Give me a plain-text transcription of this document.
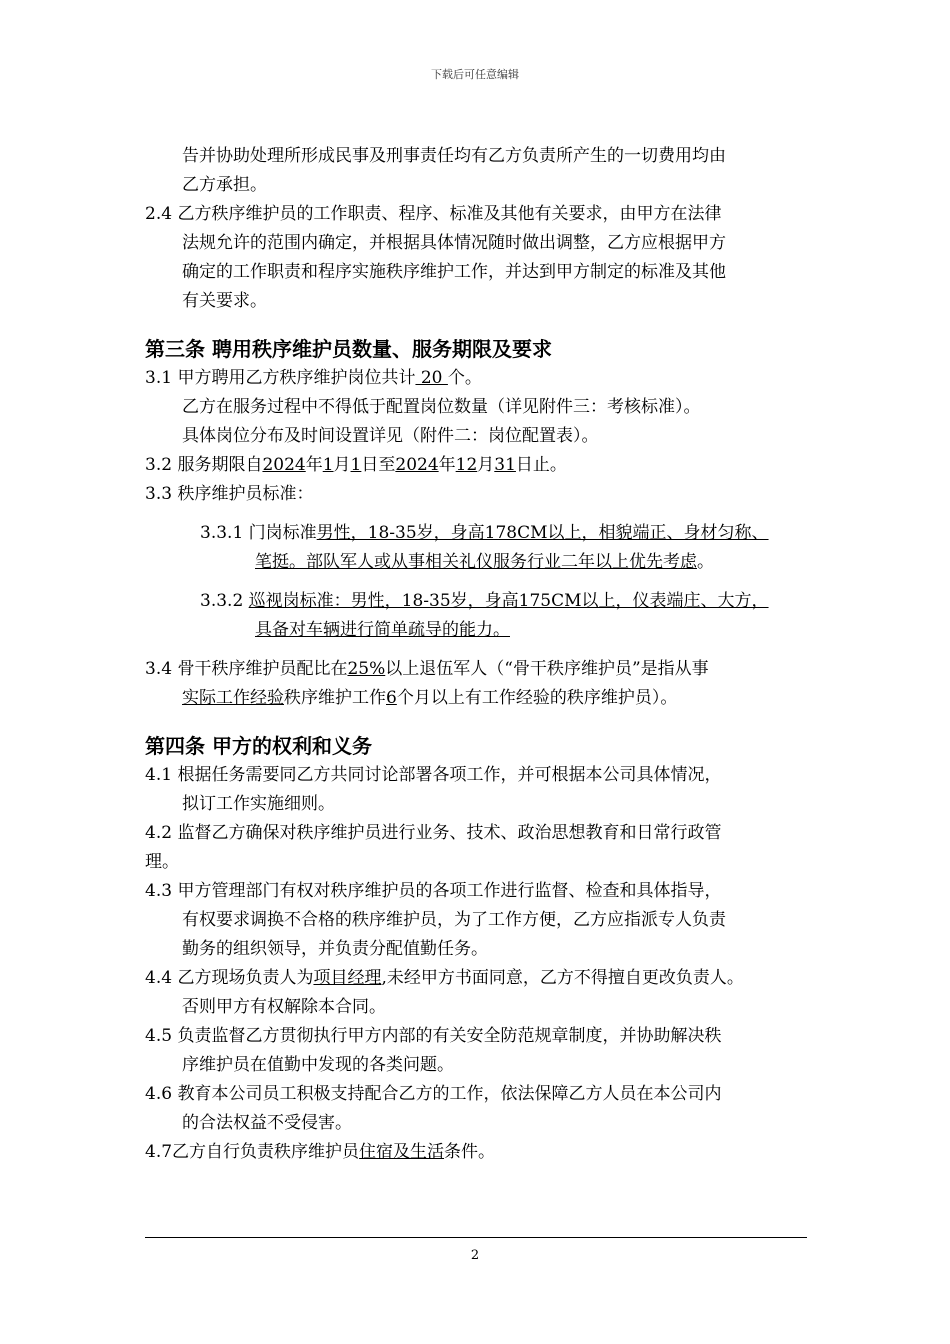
下载后可任意编辑

告并协助处理所形成民事及刑事责任均有乙方负责所产生的一切费用均由

乙方承担。

2.4 乙方秩序维护员的工作职责、程序、标准及其他有关要求，由甲方在法律

法规允许的范围内确定，并根据具体情况随时做出调整，乙方应根据甲方

确定的工作职责和程序实施秩序维护工作，并达到甲方制定的标准及其他

有关要求。

第三条 聘用秩序维护员数量、服务期限及要求

3.1 甲方聘用乙方秩序维护岗位共计 20 个。

乙方在服务过程中不得低于配置岗位数量（详见附件三：考核标准）。

具体岗位分布及时间设置详见（附件二：岗位配置表）。

3.2 服务期限自2024年1月1日至2024年12月31日止。

3.3 秩序维护员标准：

3.3.1 门岗标准男性，18-35岁，身高178CM以上，相貌端正、身材匀称、

笔挺。部队军人或从事相关礼仪服务行业二年以上优先考虑。

3.3.2 巡视岗标准：男性，18-35岁，身高175CM以上，仪表端庄、大方，

具备对车辆进行简单疏导的能力。

3.4 骨干秩序维护员配比在25%以上退伍军人（“骨干秩序维护员”是指从事

实际工作经验秩序维护工作6个月以上有工作经验的秩序维护员）。

第四条 甲方的权利和义务

4.1 根据任务需要同乙方共同讨论部署各项工作，并可根据本公司具体情况，

拟订工作实施细则。

4.2 监督乙方确保对秩序维护员进行业务、技术、政治思想教育和日常行政管

理。

4.3 甲方管理部门有权对秩序维护员的各项工作进行监督、检查和具体指导，

有权要求调换不合格的秩序维护员，为了工作方便，乙方应指派专人负责

勤务的组织领导，并负责分配值勤任务。

4.4 乙方现场负责人为项目经理,未经甲方书面同意，乙方不得擅自更改负责人。

否则甲方有权解除本合同。

4.5 负责监督乙方贯彻执行甲方内部的有关安全防范规章制度，并协助解决秩

序维护员在值勤中发现的各类问题。

4.6 教育本公司员工积极支持配合乙方的工作，依法保障乙方人员在本公司内

的合法权益不受侵害。

4.7乙方自行负责秩序维护员住宿及生活条件。

2
